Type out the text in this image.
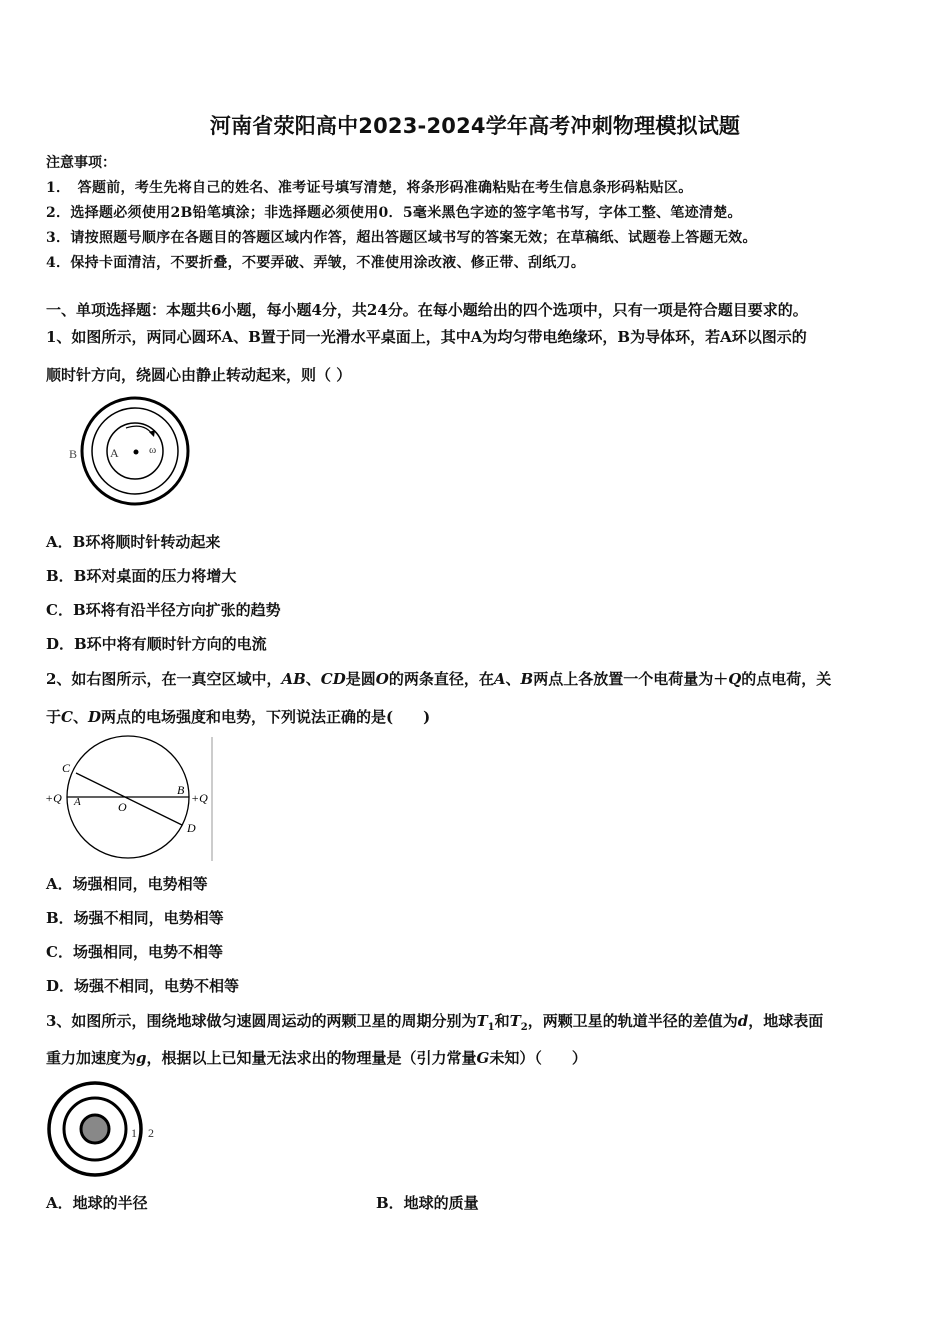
河南省荥阳高中2023-2024学年高考冲刺物理模拟试题
注意事项：
1．　答题前，考生先将自己的姓名、准考证号填写清楚，将条形码准确粘贴在考生信息条形码粘贴区。
2．选择题必须使用2B铅笔填涂；非选择题必须使用0．5毫米黑色字迹的签字笔书写，字体工整、笔迹清楚。
3．请按照题号顺序在各题目的答题区域内作答，超出答题区域书写的答案无效；在草稿纸、试题卷上答题无效。
4．保持卡面清洁，不要折叠，不要弄破、弄皱，不准使用涂改液、修正带、刮纸刀。
一、单项选择题：本题共6小题，每小题4分，共24分。在每小题给出的四个选项中，只有一项是符合题目要求的。
1、如图所示，两同心圆环A、B置于同一光滑水平桌面上，其中A为均匀带电绝缘环，B为导体环，若A环以图示的
顺时针方向，绕圆心由静止转动起来，则（ ）
B	A	ω
A．B环将顺时针转动起来
B．B环对桌面的压力将增大
C．B环将有沿半径方向扩张的趋势
D．B环中将有顺时针方向的电流
2、如右图所示，在一真空区域中，AB、CD是圆O的两条直径，在A、B两点上各放置一个电荷量为＋Q的点电荷，关
于C、D两点的电场强度和电势，下列说法正确的是(　　)
C
+Q A	O
B
+Q
D
A．场强相同，电势相等
B．场强不相同，电势相等
C．场强相同，电势不相等
D．场强不相同，电势不相等
3、如图所示，围绕地球做匀速圆周运动的两颗卫星的周期分别为$T_1$和$T_2$，两颗卫星的轨道半径的差值为d，地球表面
重力加速度为g，根据以上已知量无法求出的物理量是（引力常量G未知）（　　）
1 2
A．地球的半径	B．地球的质量
